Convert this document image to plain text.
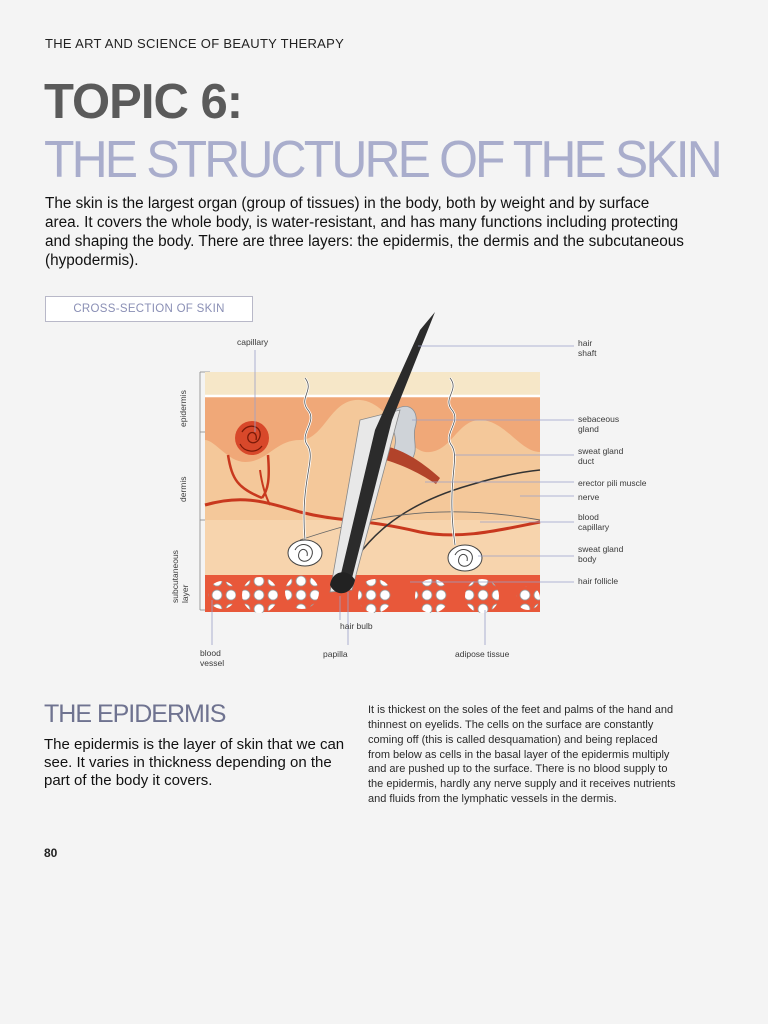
THE ART AND SCIENCE OF BEAUTY THERAPY
TOPIC 6:
THE STRUCTURE OF THE SKIN

The skin is the largest organ (group of tissues) in the body, both by weight and by surface area. It covers the whole body, is water-resistant, and has many functions including protecting and shaping the body. There are three layers: the epidermis, the dermis and the subcutaneous (hypodermis).

CROSS-SECTION OF SKIN
epidermis
dermis
subcutaneous layer
capillary	hair shaft
sebaceous gland
sweat gland duct
erector pili muscle
nerve
blood capillary
sweat gland body
hair follicle
hair bulb
blood vessel
papilla	adipose tissue
THE EPIDERMIS

The epidermis is the layer of skin that we can see. It varies in thickness depending on the part of the body it covers.

It is thickest on the soles of the feet and palms of the hand and thinnest on eyelids. The cells on the surface are constantly coming off (this is called desquamation) and being replaced from below as cells in the basal layer of the epidermis multiply and are pushed up to the surface. There is no blood supply to the epidermis, hardly any nerve supply and it receives nutrients and fluids from the lymphatic vessels in the dermis.

80
